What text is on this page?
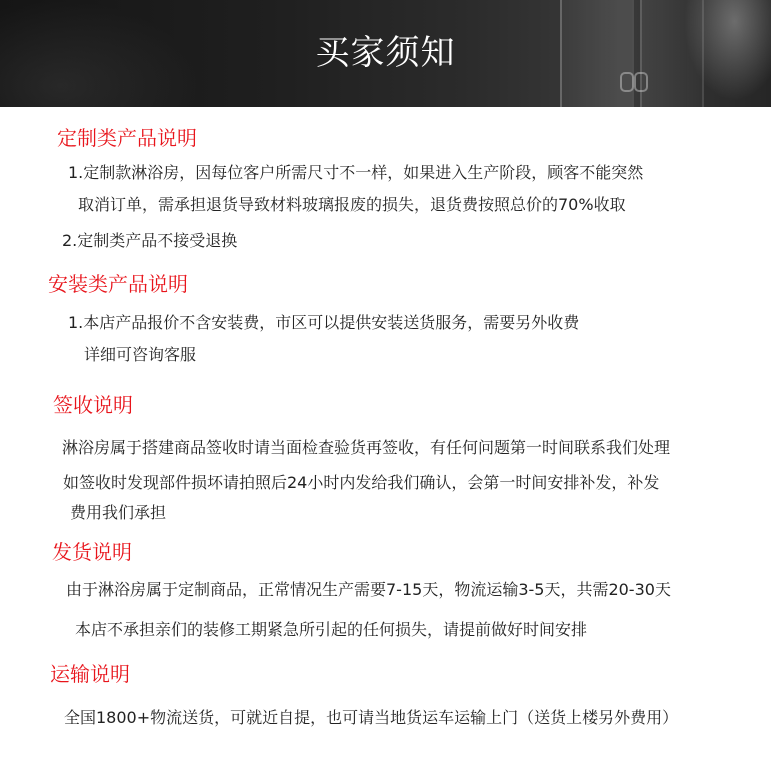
买家须知
定制类产品说明
1.定制款淋浴房，因每位客户所需尺寸不一样，如果进入生产阶段，顾客不能突然
取消订单，需承担退货导致材料玻璃报废的损失，退货费按照总价的70%收取
2.定制类产品不接受退换
安装类产品说明
1.本店产品报价不含安装费，市区可以提供安装送货服务，需要另外收费
详细可咨询客服
签收说明
淋浴房属于搭建商品签收时请当面检查验货再签收，有任何问题第一时间联系我们处理
如签收时发现部件损坏请拍照后24小时内发给我们确认，会第一时间安排补发，补发
费用我们承担
发货说明
由于淋浴房属于定制商品，正常情况生产需要7-15天，物流运输3-5天，共需20-30天
本店不承担亲们的装修工期紧急所引起的任何损失，请提前做好时间安排
运输说明
全国1800+物流送货，可就近自提，也可请当地货运车运输上门（送货上楼另外费用）
